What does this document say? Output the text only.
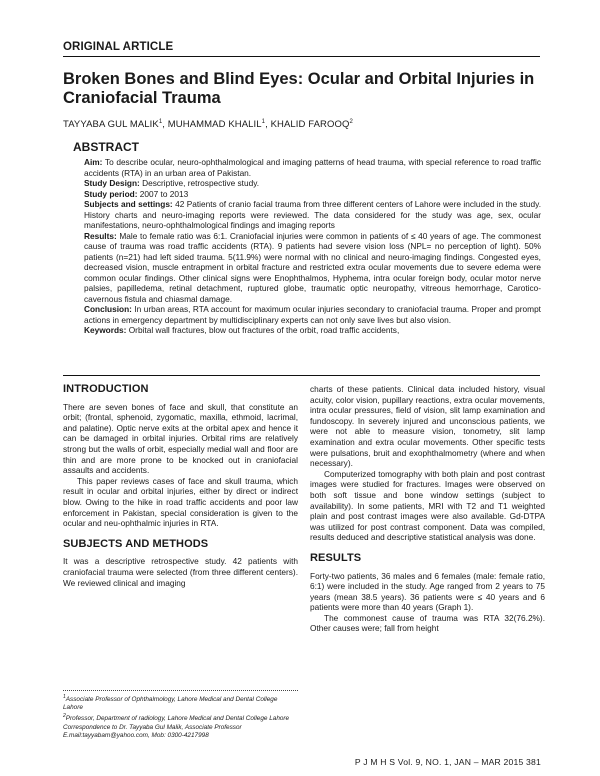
ORIGINAL ARTICLE
Broken Bones and Blind Eyes: Ocular and Orbital Injuries in Craniofacial Trauma
TAYYABA GUL MALIK$^1$, MUHAMMAD KHALIL$^1$, KHALID FAROOQ$^2$
ABSTRACT

Aim: To describe ocular, neuro-ophthalmological and imaging patterns of head trauma, with special reference to road traffic accidents (RTA) in an urban area of Pakistan.

Study Design: Descriptive, retrospective study.

Study period: 2007 to 2013

Subjects and settings: 42 Patients of cranio facial trauma from three different centers of Lahore were included in the study. History charts and neuro-imaging reports were reviewed. The data considered for the study was age, sex, ocular manifestations, neuro-ophthalmological findings and imaging reports

Results: Male to female ratio was 6:1. Craniofacial injuries were common in patients of ≤ 40 years of age. The commonest cause of trauma was road traffic accidents (RTA). 9 patients had severe vision loss (NPL= no perception of light). 50% patients (n=21) had left sided trauma. 5(11.9%) were normal with no clinical and neuro-imaging findings. Congested eyes, decreased vision, muscle entrapment in orbital fracture and restricted extra ocular movements due to severe edema were common ocular findings. Other clinical signs were Enophthalmos, Hyphema, intra ocular foreign body, ocular motor nerve palsies, papilledema, retinal detachment, ruptured globe, traumatic optic neuropathy, vitreous hemorrhage, Carotico-cavernous fistula and chiasmal damage.

Conclusion: In urban areas, RTA account for maximum ocular injuries secondary to craniofacial trauma. Proper and prompt actions in emergency department by multidisciplinary experts can not only save lives but also vision.

Keywords: Orbital wall fractures, blow out fractures of the orbit, road traffic accidents,

INTRODUCTION

There are seven bones of face and skull, that constitute an orbit; (frontal, sphenoid, zygomatic, maxilla, ethmoid, lacrimal, and palatine). Optic nerve exits at the orbital apex and hence it can be damaged in orbital injuries. Orbital rims are relatively strong but the walls of orbit, especially medial wall and floor are thin and are more prone to be knocked out in craniofacial assaults and accidents.

This paper reviews cases of face and skull trauma, which result in ocular and orbital injuries, either by direct or indirect blow. Owing to the hike in road traffic accidents and poor law enforcement in Pakistan, special consideration is given to the ocular and neu-ophthalmic injuries in RTA.

SUBJECTS AND METHODS

It was a descriptive retrospective study. 42 patients with craniofacial trauma were selected (from three different centers). We reviewed clinical and imaging

$^1$Associate Professor of Ophthalmology, Lahore Medical and Dental College Lahore

$^2$Professor, Department of radiology, Lahore Medical and Dental College Lahore

Correspondence to Dr. Tayyaba Gul Malik, Associate Professor E.mail:tayyabam@yahoo.com, Mob: 0300-4217998

charts of these patients. Clinical data included history, visual acuity, color vision, pupillary reactions, extra ocular movements, intra ocular pressures, field of vision, slit lamp examination and fundoscopy. In severely injured and unconscious patients, we were not able to measure vision, tonometry, slit lamp examination and extra ocular movements. Other specific tests were pulsations, bruit and exophthalmometry (where and when necessary).

Computerized tomography with both plain and post contrast images were studied for fractures. Images were observed on both soft tissue and bone window settings (subject to availability). In some patients, MRI with T2 and T1 weighted plain and post contrast images were also available. Gd-DTPA was utilized for post contrast component. Data was compiled, results deduced and descriptive statistical analysis was done.

RESULTS

Forty-two patients, 36 males and 6 females (male: female ratio, 6:1) were included in the study. Age ranged from 2 years to 75 years (mean 38.5 years). 36 patients were ≤ 40 years and 6 patients were more than 40 years (Graph 1).

The commonest cause of trauma was RTA 32(76.2%). Other causes were; fall from height

P J M H S Vol. 9, NO. 1, JAN – MAR 2015 381
